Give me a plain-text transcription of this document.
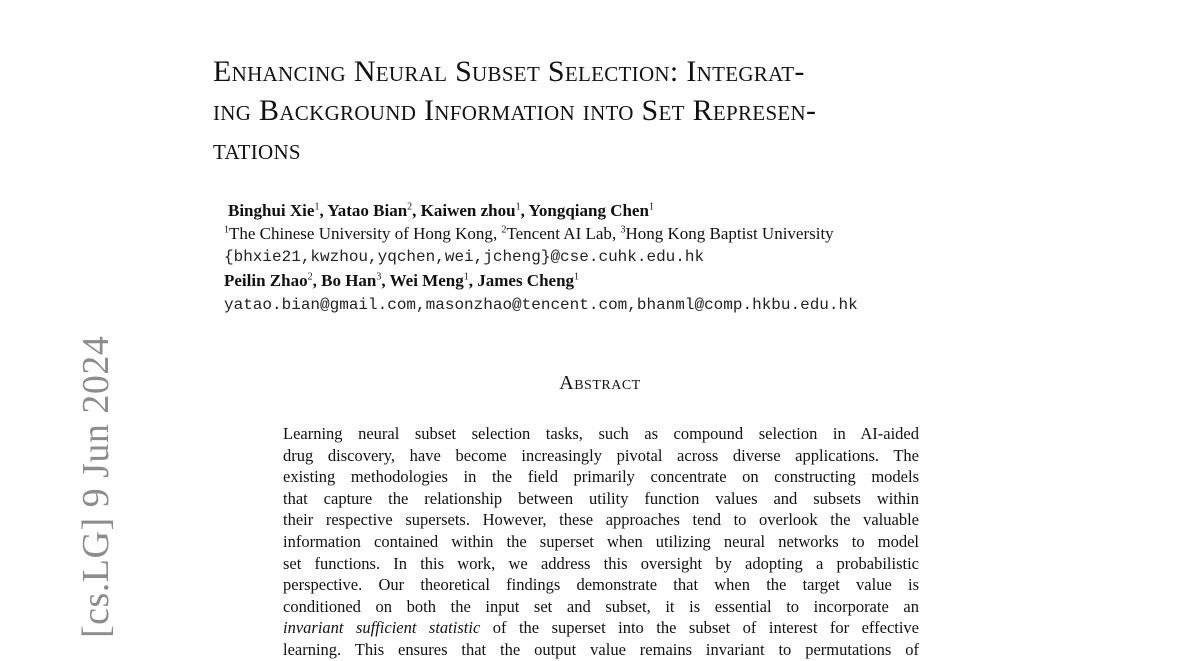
[cs.LG] 9 Jun 2024
Enhancing Neural Subset Selection: Integrat-
ing Background Information into Set Represen-
tations
Binghui Xie$^1$, Yatao Bian$^2$, Kaiwen zhou$^1$, Yongqiang Chen$^1$
$^1$The Chinese University of Hong Kong, $^2$Tencent AI Lab, $^3$Hong Kong Baptist University
{bhxie21,kwzhou,yqchen,wei,jcheng}@cse.cuhk.edu.hk
Peilin Zhao$^2$, Bo Han$^3$, Wei Meng$^1$, James Cheng$^1$
yatao.bian@gmail.com,masonzhao@tencent.com,bhanml@comp.hkbu.edu.hk
Abstract
Learning neural subset selection tasks, such as compound selection in AI-aided
drug discovery, have become increasingly pivotal across diverse applications. The
existing methodologies in the field primarily concentrate on constructing models
that capture the relationship between utility function values and subsets within
their respective supersets. However, these approaches tend to overlook the valuable
information contained within the superset when utilizing neural networks to model
set functions. In this work, we address this oversight by adopting a probabilistic
perspective. Our theoretical findings demonstrate that when the target value is
conditioned on both the input set and subset, it is essential to incorporate an
invariant sufficient statistic of the superset into the subset of interest for effective
learning. This ensures that the output value remains invariant to permutations of
